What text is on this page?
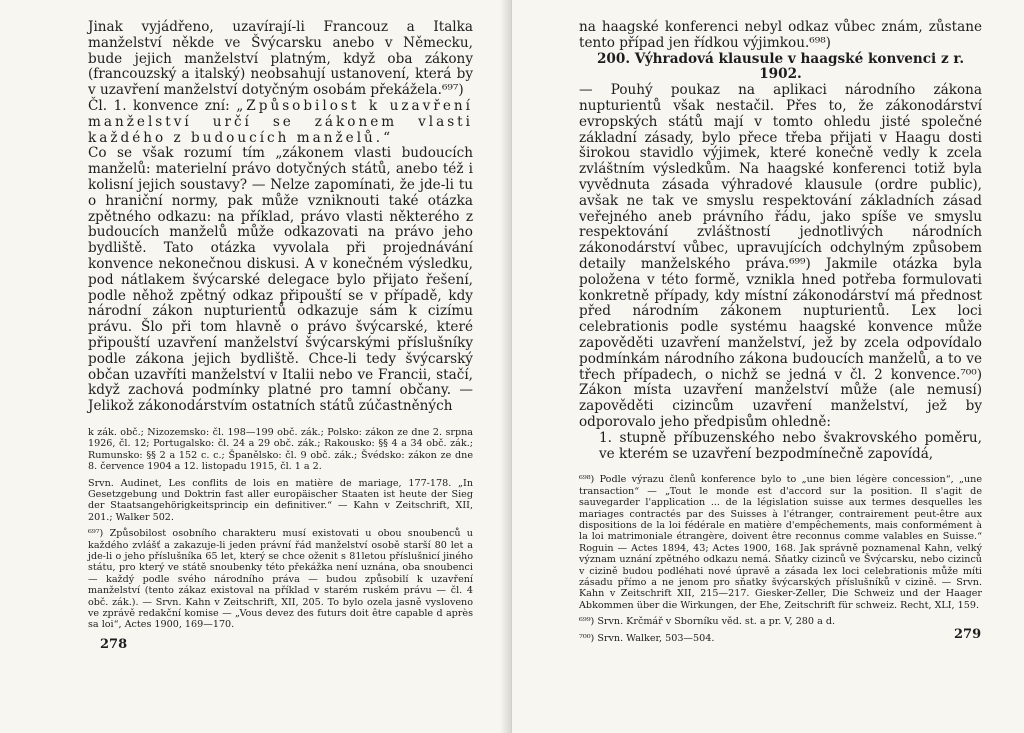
Jinak vyjádřeno, uzavírají-li Francouz a Italka manželství někde ve Švýcarsku anebo v Německu, bude jejich manželství platným, když oba zákony (francouzský a italský) neobsahují ustanovení, která by v uzavření manželství dotyčným osobám překážela.⁶⁹⁷)

Čl. 1. konvence zní: „Způsobilost k uzavření manželství určí se zákonem vlasti každého z budoucích manželů.“

Co se však rozumí tím „zákonem vlasti budoucích manželů: materielní právo dotyčných států, anebo též i kolisní jejich soustavy? — Nelze zapomínati, že jde-li tu o hraniční normy, pak může vzniknouti také otázka zpětného odkazu: na příklad, právo vlasti některého z budoucích manželů může odkazovati na právo jeho bydliště. Tato otázka vyvolala při projednávání konvence nekonečnou diskusi. A v konečném výsledku, pod nátlakem švýcarské delegace bylo přijato řešení, podle něhož zpětný odkaz připouští se v případě, kdy národní zákon nupturientů odkazuje sám k cizímu právu. Šlo při tom hlavně o právo švýcarské, které připouští uzavření manželství švýcarskými příslušníky podle zákona jejich bydliště. Chce-li tedy švýcarský občan uzavříti manželství v Italii nebo ve Francii, stačí, když zachová podmínky platné pro tamní občany. — Jelikož zákonodárstvím ostatních států zúčastněných

k zák. obč.; Nizozemsko: čl. 198—199 obč. zák.; Polsko: zákon ze dne 2. srpna 1926, čl. 12; Portugalsko: čl. 24 a 29 obč. zák.; Rakousko: §§ 4 a 34 obč. zák.; Rumunsko: §§ 2 a 152 c. c.; Španělsko: čl. 9 obč. zák.; Švédsko: zákon ze dne 8. července 1904 a 12. listopadu 1915, čl. 1 a 2.

Srvn. Audinet, Les conflits de lois en matière de mariage, 177-178. „In Gesetzgebung und Doktrin fast aller europäischer Staaten ist heute der Sieg der Staatsangehörigkeitsprincip ein definitiver.“ — Kahn v Zeitschrift, XII, 201.; Walker 502.

⁶⁹⁷) Způsobilost osobního charakteru musí existovati u obou snoubenců u každého zvlášť a zakazuje-li jeden právní řád manželství osobě starší 80 let a jde-li o jeho příslušníka 65 let, který se chce oženit s 81letou příslušnicí jiného státu, pro který ve státě snoubenky této překážka není uznána, oba snoubenci — každý podle svého národního práva — budou způsobilí k uzavření manželství (tento zákaz existoval na příklad v starém ruském právu — čl. 4 obč. zák.). — Srvn. Kahn v Zeitschrift, XII, 205. To bylo ozela jasně vysloveno ve zprávě redakční komise — „Vous devez des futurs doit être capable d après sa loi“, Actes 1900, 169—170.

278

na haagské konferenci nebyl odkaz vůbec znám, zůstane tento případ jen řídkou výjimkou.⁶⁹⁸)

200. Výhradová klausule v haagské konvenci z r. 1902.

— Pouhý poukaz na aplikaci národního zákona nupturientů však nestačil. Přes to, že zákonodárství evropských států mají v tomto ohledu jisté společné základní zásady, bylo přece třeba přijati v Haagu dosti širokou stavidlo výjimek, které konečně vedly k zcela zvláštním výsledkům. Na haagské konferenci totiž byla vyvědnuta zásada výhradové klausule (ordre public), avšak ne tak ve smyslu respektování základních zásad veřejného aneb právního řádu, jako spíše ve smyslu respektování zvláštností jednotlivých národních zákonodárství vůbec, upravujících odchylným způsobem detaily manželského práva.⁶⁹⁹) Jakmile otázka byla položena v této formě, vznikla hned potřeba formulovati konkretně případy, kdy místní zákonodárství má přednost před národním zákonem nupturientů. Lex loci celebrationis podle systému haagské konvence může zapověděti uzavření manželství, jež by zcela odpovídalo podmínkám národního zákona budoucích manželů, a to ve třech případech, o nichž se jedná v čl. 2 konvence.⁷⁰⁰) Zákon místa uzavření manželství může (ale nemusí) zapověděti cizincům uzavření manželství, jež by odporovalo jeho předpisům ohledně:

1. stupně příbuzenského nebo švakrovského poměru, ve kterém se uzavření bezpodmínečně zapovídá,

⁶⁹⁸) Podle výrazu členů konference bylo to „une bien légère concession“, „une transaction“ — „Tout le monde est d'accord sur la position. Il s'agit de sauvegarder l'application ... de la législation suisse aux termes desquelles les mariages contractés par des Suisses à l'étranger, contrairement peut-être aux dispositions de la loi fédérale en matière d'empêchements, mais conformément à la loi matrimoniale étrangère, doivent être reconnus comme valables en Suisse.“ Roguin — Actes 1894, 43; Actes 1900, 168. Jak správně poznamenal Kahn, velký význam uznání zpětného odkazu nemá. Sňatky cizinců ve Švýcarsku, nebo cizinců v cizině budou podléhati nové úpravě a zásada lex loci celebrationis může míti zásadu přímo a ne jenom pro sňatky švýcarských příslušníků v cizině. — Srvn. Kahn v Zeitschrift XII, 215—217. Giesker-Zeller, Die Schweiz und der Haager Abkommen über die Wirkungen, der Ehe, Zeitschrift für schweiz. Recht, XLI, 159.

⁶⁹⁹) Srvn. Krčmář v Sborníku věd. st. a pr. V, 280 a d.

⁷⁰⁰) Srvn. Walker, 503—504.	279
